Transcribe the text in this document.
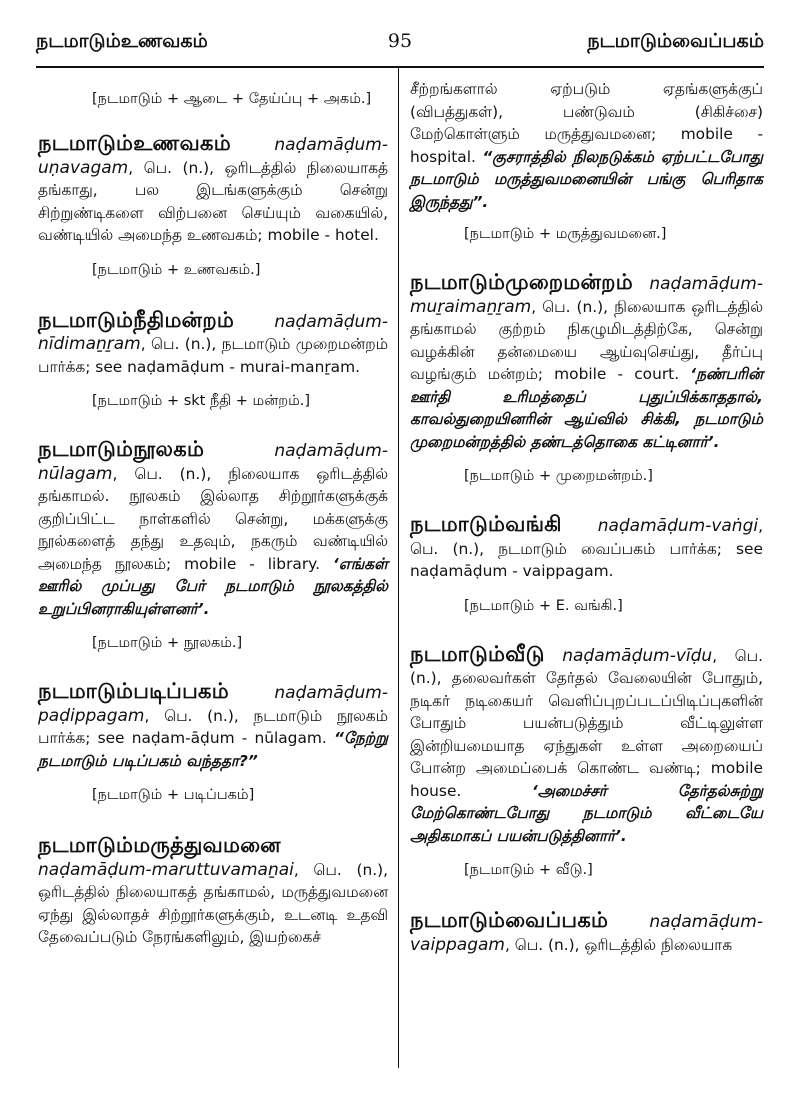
நடமாடும்உணவகம்	95	நடமாடும்வைப்பகம்

[நடமாடும் + ஆடை + தேய்ப்பு + அகம்.]

நடமாடும்உணவகம்	naḍamāḍum-uṇavagam, பெ. (n.), ஒரிடத்தில் நிலையாகத் தங்காது, பல இடங்களுக்கும் சென்று சிற்றுண்டிகளை விற்பனை செய்யும் வகையில், வண்டியில் அமைந்த உணவகம்; mobile - hotel.

[நடமாடும் + உணவகம்.]

நடமாடும்நீதிமன்றம் naḍamāḍum-nīdimaṉṟam, பெ. (n.), நடமாடும் முறைமன்றம் பார்க்க; see naḍamāḍum - murai-manṟam.

[நடமாடும் + skt நீதி + மன்றம்.]

நடமாடும்நூலகம்	naḍamāḍum-nūlagam, பெ. (n.), நிலையாக ஒரிடத்தில் தங்காமல். நூலகம் இல்லாத சிற்றூர்களுக்குக் குறிப்பிட்ட நாள்களில் சென்று, மக்களுக்கு நூல்களைத் தந்து உதவும், நகரும் வண்டியில் அமைந்த நூலகம்; mobile - library. ‘எங்கள் ஊரில் முப்பது பேர் நடமாடும் நூலகத்தில் உறுப்பினராகியுள்ளனர்’.

[நடமாடும் + நூலகம்.]

நடமாடும்படிப்பகம்	naḍamāḍum-paḍippagam, பெ. (n.), நடமாடும் நூலகம் பார்க்க; see naḍam-āḍum - nūlagam. “நேற்று நடமாடும் படிப்பகம் வந்ததா?”

[நடமாடும் + படிப்பகம்]

நடமாடும்மருத்துவமனை naḍamāḍum-maruttuvamaṉai, பெ. (n.), ஒரிடத்தில் நிலையாகத் தங்காமல், மருத்துவமனை ஏந்து இல்லாதச் சிற்றூர்களுக்கும், உடனடி உதவி தேவைப்படும் நேரங்களிலும், இயற்கைச்
சீற்றங்களால் ஏற்படும் ஏதங்களுக்குப் (விபத்துகள்), பண்டுவம் (சிகிச்சை) மேற்கொள்ளும் மருத்துவமனை; mobile - hospital. “குசராத்தில் நிலநடுக்கம் ஏற்பட்டபோது நடமாடும் மருத்துவமனையின் பங்கு பெரிதாக இருந்தது”.

[நடமாடும் + மருத்துவமனை.]

நடமாடும்முறைமன்றம் naḍamāḍum-muṟaimaṉṟam, பெ. (n.), நிலையாக ஒரிடத்தில் தங்காமல் குற்றம் நிகழுமிடத்திற்கே, சென்று வழக்கின் தன்மையை ஆய்வுசெய்து, தீர்ப்பு வழங்கும் மன்றம்; mobile - court. ‘நண்பரின் ஊர்தி உரிமத்தைப் புதுப்பிக்காததால், காவல்துறையினரின் ஆய்வில் சிக்கி, நடமாடும் முறைமன்றத்தில் தண்டத்தொகை கட்டினார்’.

[நடமாடும் + முறைமன்றம்.]

நடமாடும்வங்கி naḍamāḍum-vaṅgi, பெ. (n.), நடமாடும் வைப்பகம் பார்க்க; see naḍamāḍum - vaippagam.

[நடமாடும் + E. வங்கி.]

நடமாடும்வீடு naḍamāḍum-vīḍu, பெ. (n.), தலைவர்கள் தேர்தல் வேலையின் போதும், நடிகர் நடிகையர் வெளிப்புறப்படப்பிடிப்புகளின் போதும் பயன்படுத்தும் வீட்டிலுள்ள இன்றியமையாத ஏந்துகள் உள்ள அறையைப் போன்ற அமைப்பைக் கொண்ட வண்டி; mobile house.	‘அமைச்சர் தேர்தல்சுற்று மேற்கொண்டபோது நடமாடும் வீட்டையே அதிகமாகப் பயன்படுத்தினார்’.

[நடமாடும் + வீடு.]

நடமாடும்வைப்பகம் naḍamāḍum-vaippagam, பெ. (n.), ஒரிடத்தில் நிலையாக
